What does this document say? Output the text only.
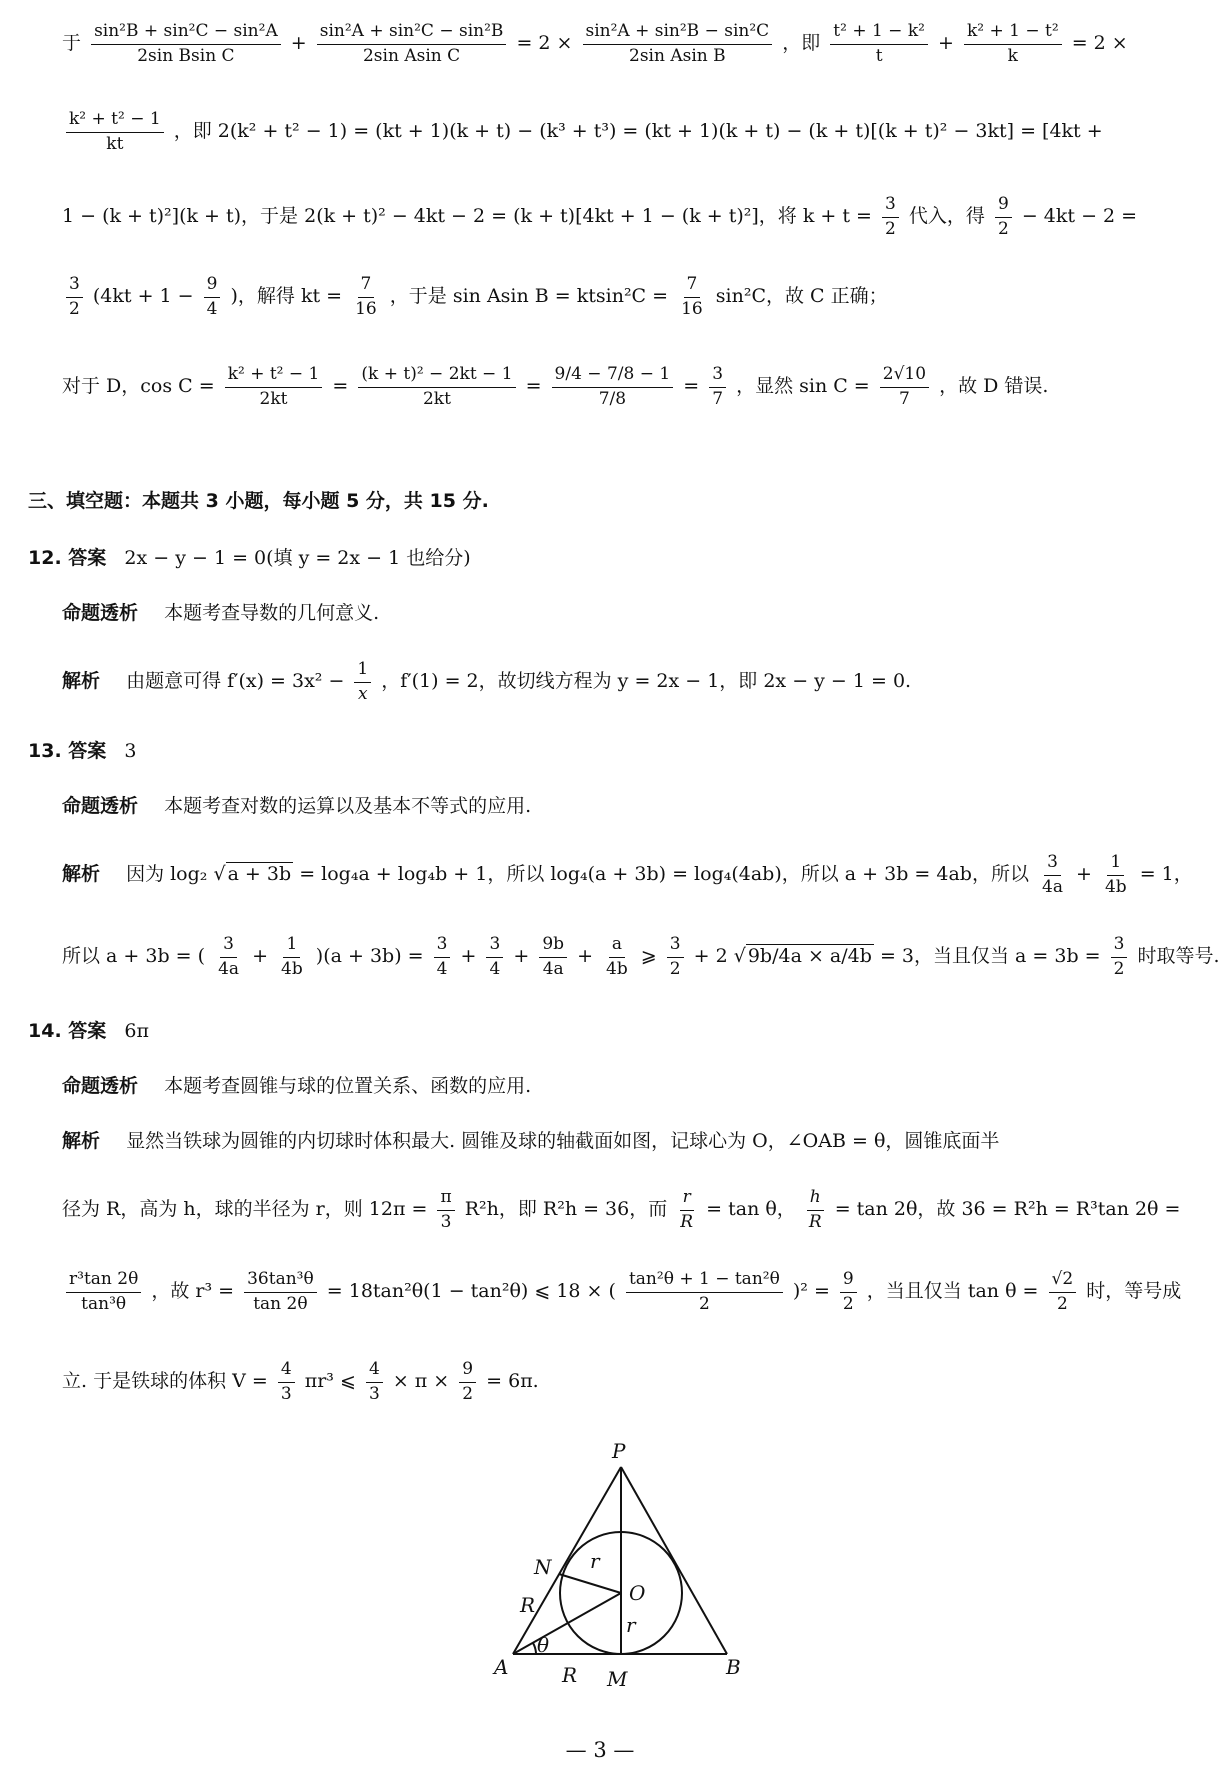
于 $\frac{\text{sin²B + sin²C − sin²A}}{\text{2sin Bsin C}} + \frac{\text{sin²A + sin²C − sin²B}}{\text{2sin Asin C}} = 2 \times \frac{\text{sin²A + sin²B − sin²C}}{\text{2sin Asin B}}$ ，即 $\frac{\text{t² + 1 − k²}}{t} + \frac{\text{k² + 1 − t²}}{k} = 2$ ×
$\frac{\text{k² + t² − 1}}{kt}$ ，即 2(k² + t² − 1) = (kt + 1)(k + t) − (k³ + t³) = (kt + 1)(k + t) − (k + t)[(k + t)² − 3kt] = [4kt +
1 − (k + t)²](k + t)，于是 2(k + t)² − 4kt − 2 = (k + t)[4kt + 1 − (k + t)²]，将 $k + t = \frac{3}{2}$ 代入，得 $\frac{9}{2} - 4kt - 2$ =
$\frac{3}{2} (4kt + 1 - \frac{9}{4}$ )，解得 kt = $\frac{7}{16}$ ，于是 sin Asin $B = ktsin^2C = \frac{7}{16} \sin^2C$，故 C 正确；
对于 D，$\cos C = \frac{\text{k² + t² − 1}}{2kt} = \frac{\text{(k + t)² − 2kt − 1}}{2kt} = \frac{9/4 - 7/8 - 1}{7/8} = \frac{3}{7}$ ，显然 $\sin C = \frac{2√10}{7}$ ，故 D 错误.
三、填空题：本题共 3 小题，每小题 5 分，共 15 分.
12. 答案 2x − y − 1 = 0(填 y = 2x − 1 也给分)
命题透析 本题考查导数的几何意义.
解析 由题意可得 $f'(x) = 3x^2 - \frac{1}{x}$ ，f′(1) = 2，故切线方程为 y = 2x − 1，即 2x − y − 1 = 0.
13. 答案 3
命题透析 本题考查对数的运算以及基本不等式的应用.
解析 因为 log₂ √ a + 3b = log₄a + log₄b + 1，所以 log₄(a + 3b) = log₄(4ab)，所以 a + 3b = 4ab，所以 $\frac{3}{4a} + \frac{1}{4b} = 1$，
所以 a + 3b = ( $\frac{3}{4a} + \frac{1}{4b} )(a + 3b) = \frac{3}{4} + \frac{3}{4} + \frac{9b}{4a} + \frac{a}{4b}$ ⩾ $\frac{3}{2} + 2$ √ 9b/4a × a/4b = 3，当且仅当 $a = 3b = \frac{3}{2}$ 时取等号.
14. 答案 6π
命题透析 本题考查圆锥与球的位置关系、函数的应用.
解析 显然当铁球为圆锥的内切球时体积最大. 圆锥及球的轴截面如图，记球心为 O，∠OAB = θ，圆锥底面半
径为 R，高为 h，球的半径为 r，则 $12\pi = \frac{\pi}{3} R^2h$，即 R²h = 36，而 $\frac{r}{R} = \tan \theta$， $\frac{h}{R} = \tan 2\theta$，故 36 = R²h = R³tan 2θ =
$\frac{\text{r³tan 2θ}}{\text{tan³θ}}$ ，故 $r^3 = \frac{\text{36tan³θ}}{\tan 2\theta} = 18\tan^2\theta(1 - \tan^2\theta)$ ⩽ 18 × ( $\frac{\text{tan²θ + 1 − tan²θ}}{2} )^2 = \frac{9}{2}$ ，当且仅当 $\tan \theta = \frac{√2}{2}$ 时，等号成
立. 于是铁球的体积 $V = \frac{4}{3} \pi r^3$ ⩽ $\frac{4}{3} \times \pi \times \frac{9}{2} = 6\pi$.
P
N
R
r
O
r
A
θ
R M	B
— 3 —
